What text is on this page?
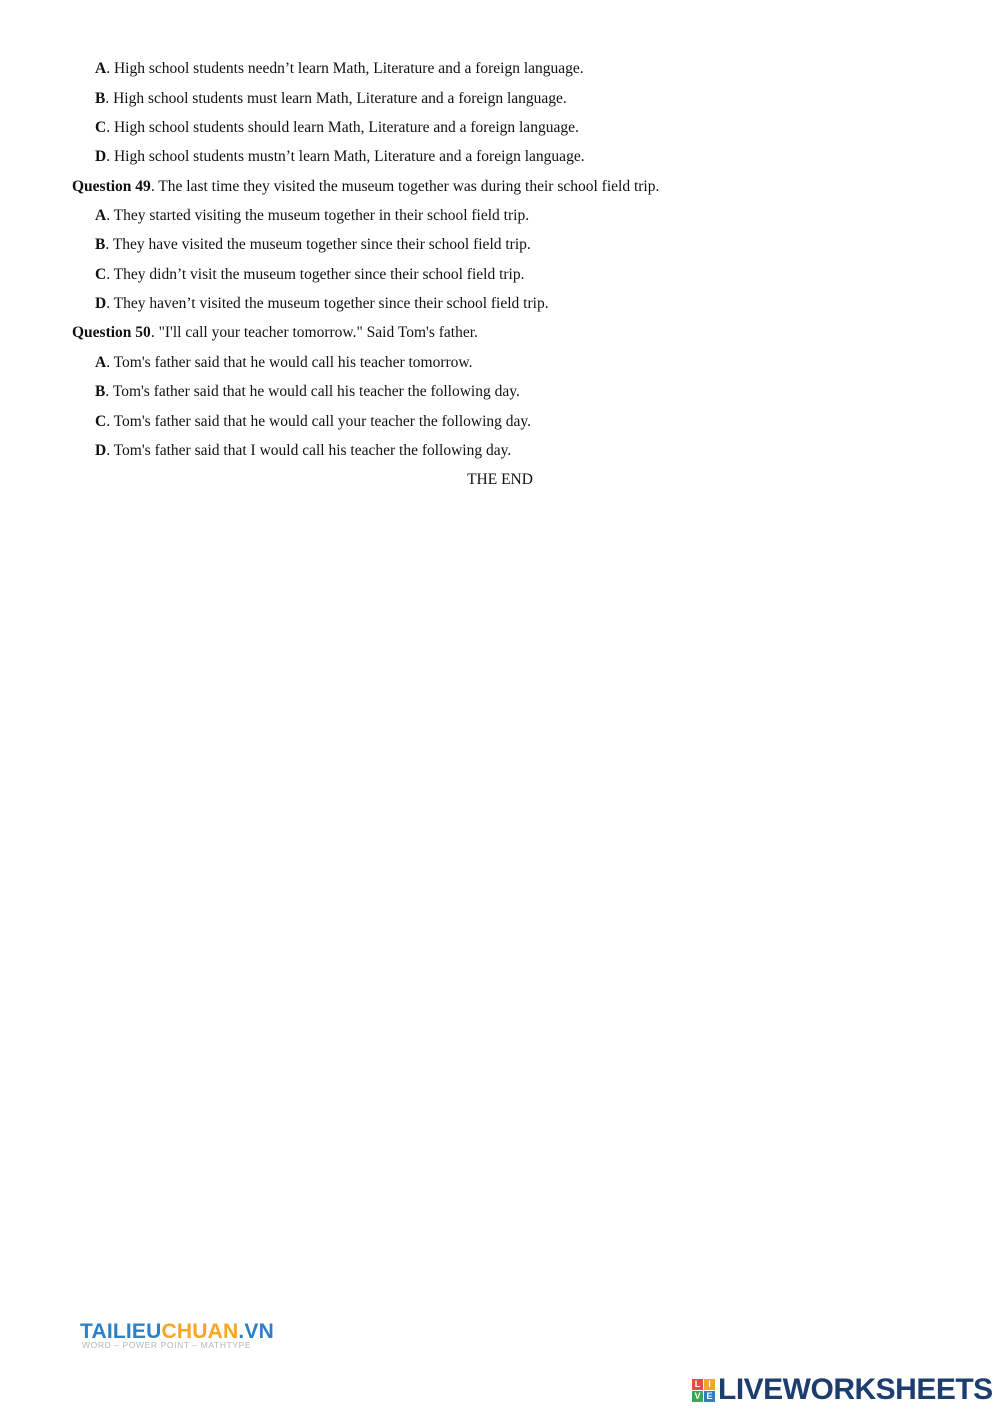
A. High school students needn’t learn Math, Literature and a foreign language.
B. High school students must learn Math, Literature and a foreign language.
C. High school students should learn Math, Literature and a foreign language.
D. High school students mustn’t learn Math, Literature and a foreign language.
Question 49. The last time they visited the museum together was during their school field trip.
A. They started visiting the museum together in their school field trip.
B. They have visited the museum together since their school field trip.
C. They didn’t visit the museum together since their school field trip.
D. They haven’t visited the museum together since their school field trip.
Question 50. "I'll call your teacher tomorrow." Said Tom's father.
A. Tom's father said that he would call his teacher tomorrow.
B. Tom's father said that he would call his teacher the following day.
C. Tom's father said that he would call your teacher the following day.
D. Tom's father said that I would call his teacher the following day.
THE END
TAILIEUCHUAN.VN
WORD – POWER POINT – MATHTYPE
L I
V E LIVEWORKSHEETS
